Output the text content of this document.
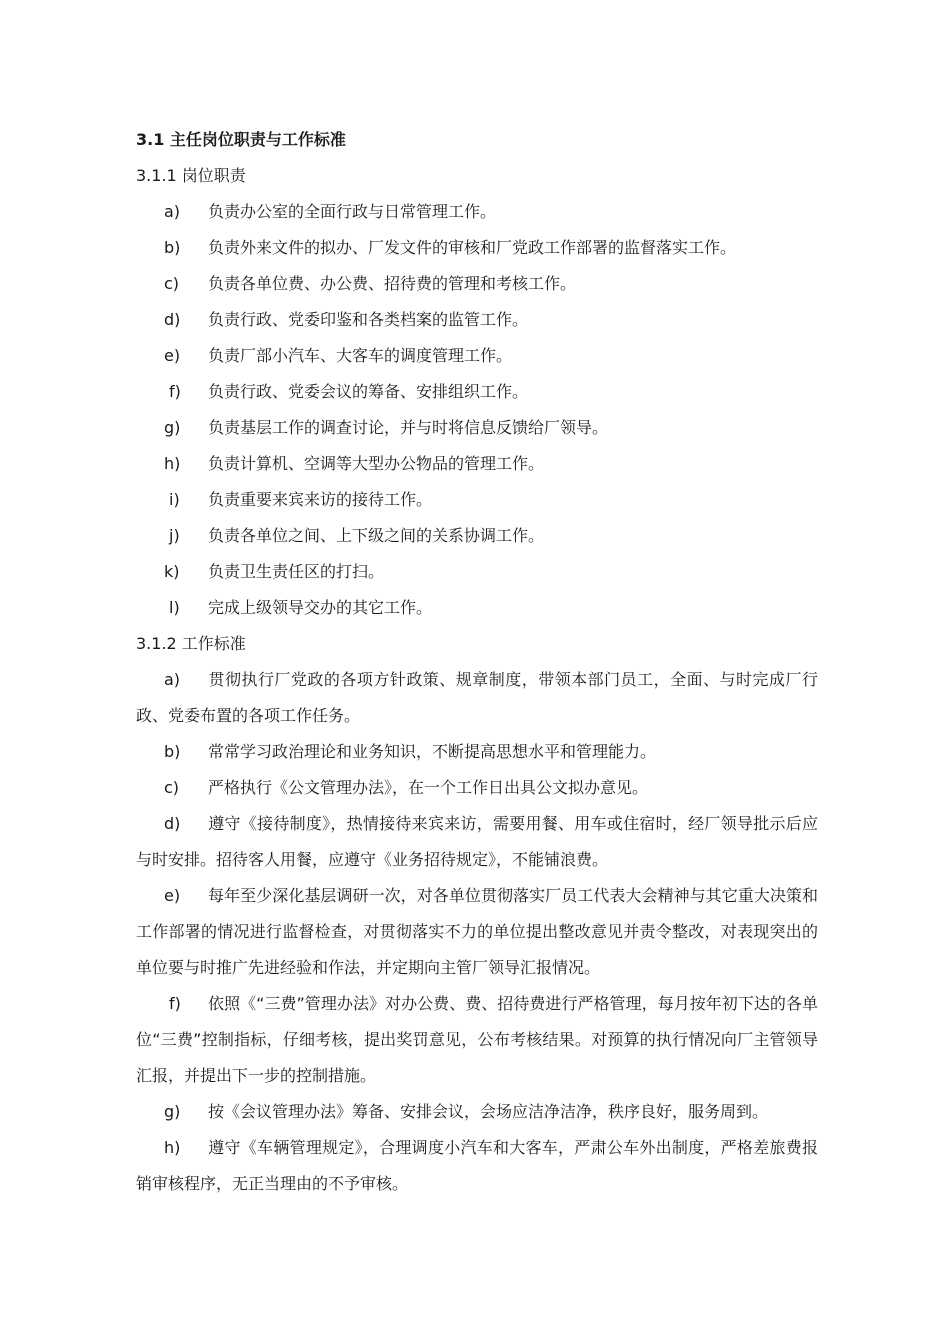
3.1 主任岗位职责与工作标准
3.1.1 岗位职责
a) 负责办公室的全面行政与日常管理工作。
b) 负责外来文件的拟办、厂发文件的审核和厂党政工作部署的监督落实工作。
c) 负责各单位费、办公费、招待费的管理和考核工作。
d) 负责行政、党委印鉴和各类档案的监管工作。
e) 负责厂部小汽车、大客车的调度管理工作。
f) 负责行政、党委会议的筹备、安排组织工作。
g) 负责基层工作的调查讨论，并与时将信息反馈给厂领导。
h) 负责计算机、空调等大型办公物品的管理工作。
i) 负责重要来宾来访的接待工作。
j) 负责各单位之间、上下级之间的关系协调工作。
k) 负责卫生责任区的打扫。
l) 完成上级领导交办的其它工作。
3.1.2 工作标准
a) 贯彻执行厂党政的各项方针政策、规章制度，带领本部门员工，全面、与时完成厂行政、党委布置的各项工作任务。
b) 常常学习政治理论和业务知识，不断提高思想水平和管理能力。
c) 严格执行《公文管理办法》，在一个工作日出具公文拟办意见。
d) 遵守《接待制度》，热情接待来宾来访，需要用餐、用车或住宿时，经厂领导批示后应与时安排。招待客人用餐，应遵守《业务招待规定》，不能铺浪费。
e) 每年至少深化基层调研一次，对各单位贯彻落实厂员工代表大会精神与其它重大决策和工作部署的情况进行监督检查，对贯彻落实不力的单位提出整改意见并责令整改，对表现突出的单位要与时推广先进经验和作法，并定期向主管厂领导汇报情况。
f) 依照《“三费”管理办法》对办公费、费、招待费进行严格管理，每月按年初下达的各单位“三费”控制指标，仔细考核，提出奖罚意见，公布考核结果。对预算的执行情况向厂主管领导汇报，并提出下一步的控制措施。
g) 按《会议管理办法》筹备、安排会议，会场应洁净洁净，秩序良好，服务周到。
h) 遵守《车辆管理规定》，合理调度小汽车和大客车，严肃公车外出制度，严格差旅费报销审核程序，无正当理由的不予审核。
